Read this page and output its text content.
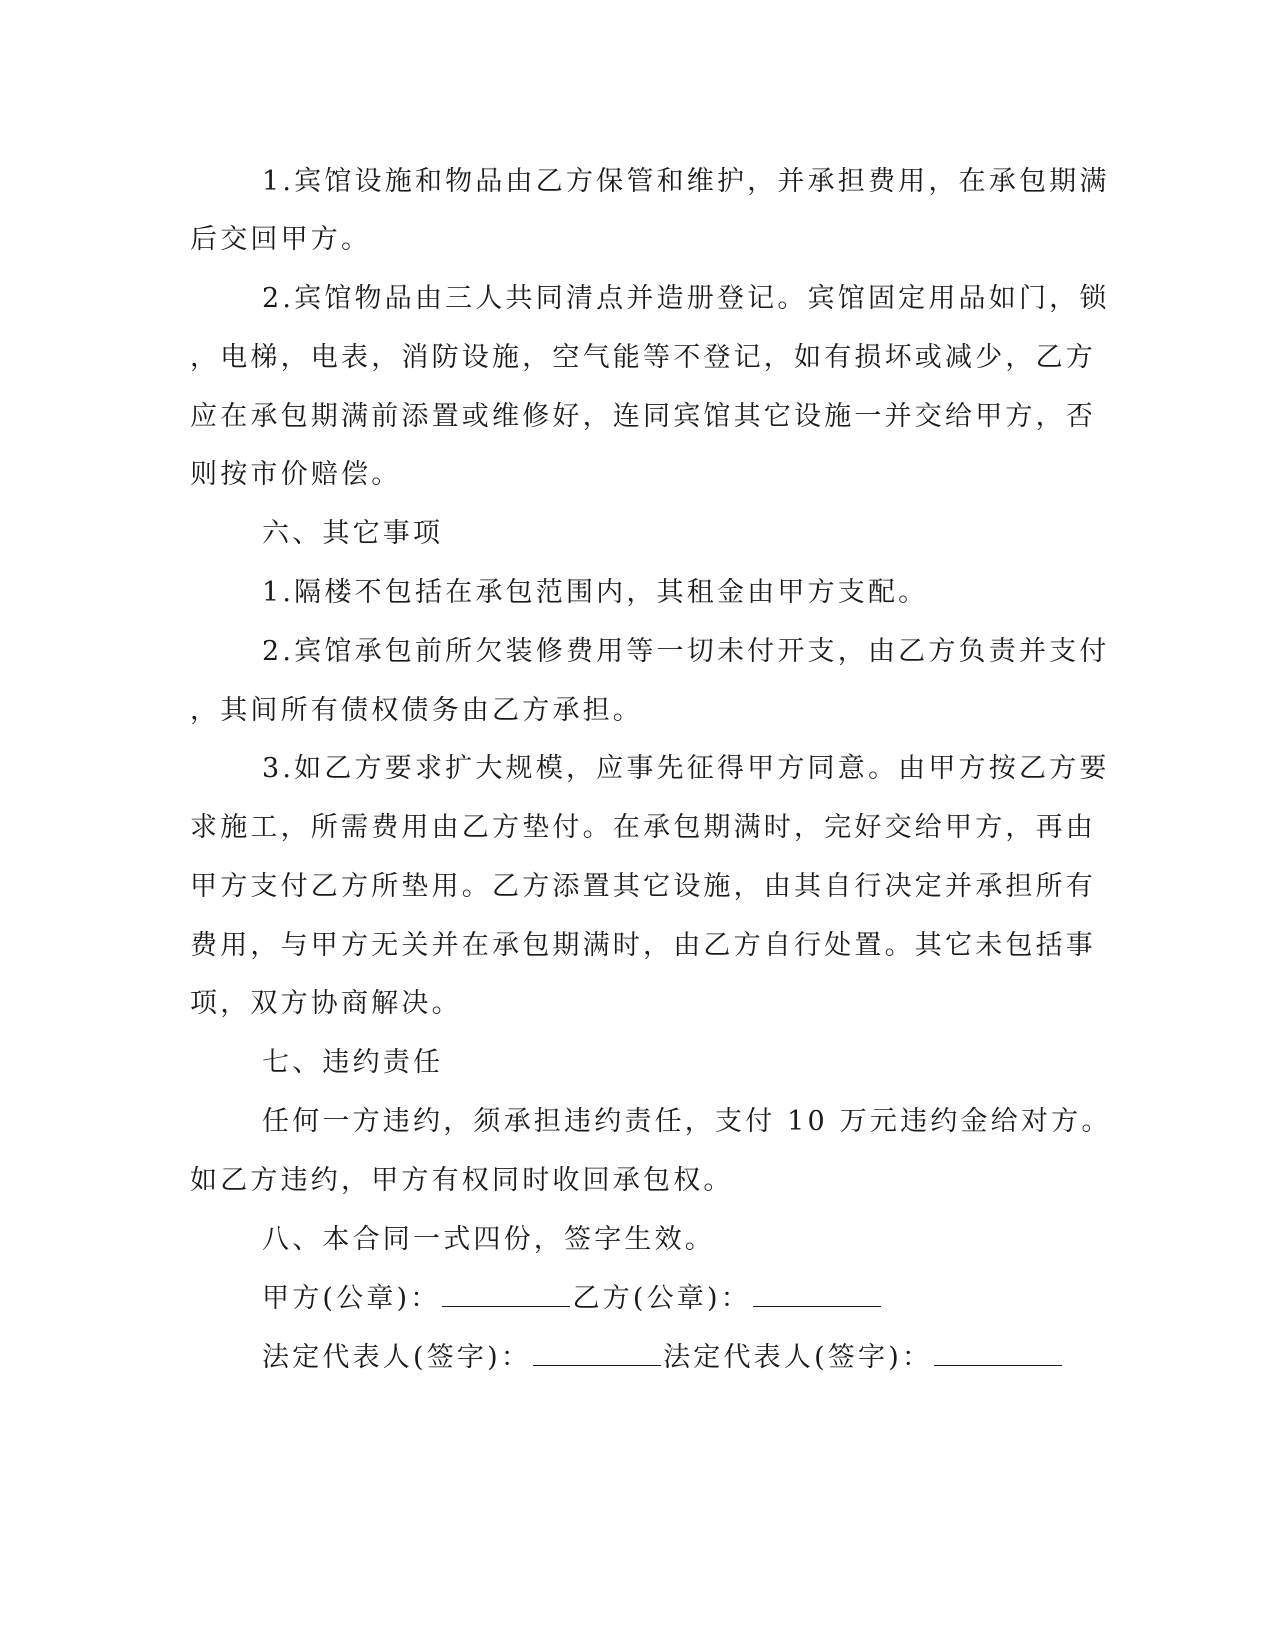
1.宾馆设施和物品由乙方保管和维护，并承担费用，在承包期满
后交回甲方。
2.宾馆物品由三人共同清点并造册登记。宾馆固定用品如门，锁
，电梯，电表，消防设施，空气能等不登记，如有损坏或减少，乙方
应在承包期满前添置或维修好，连同宾馆其它设施一并交给甲方，否
则按市价赔偿。
六、其它事项
1.隔楼不包括在承包范围内，其租金由甲方支配。
2.宾馆承包前所欠装修费用等一切未付开支，由乙方负责并支付
，其间所有债权债务由乙方承担。
3.如乙方要求扩大规模，应事先征得甲方同意。由甲方按乙方要
求施工，所需费用由乙方垫付。在承包期满时，完好交给甲方，再由
甲方支付乙方所垫用。乙方添置其它设施，由其自行决定并承担所有
费用，与甲方无关并在承包期满时，由乙方自行处置。其它未包括事
项，双方协商解决。
七、违约责任
任何一方违约，须承担违约责任，支付 10 万元违约金给对方。
如乙方违约，甲方有权同时收回承包权。
八、本合同一式四份，签字生效。
甲方(公章)：	乙方(公章)：
法定代表人(签字)：	法定代表人(签字)：
